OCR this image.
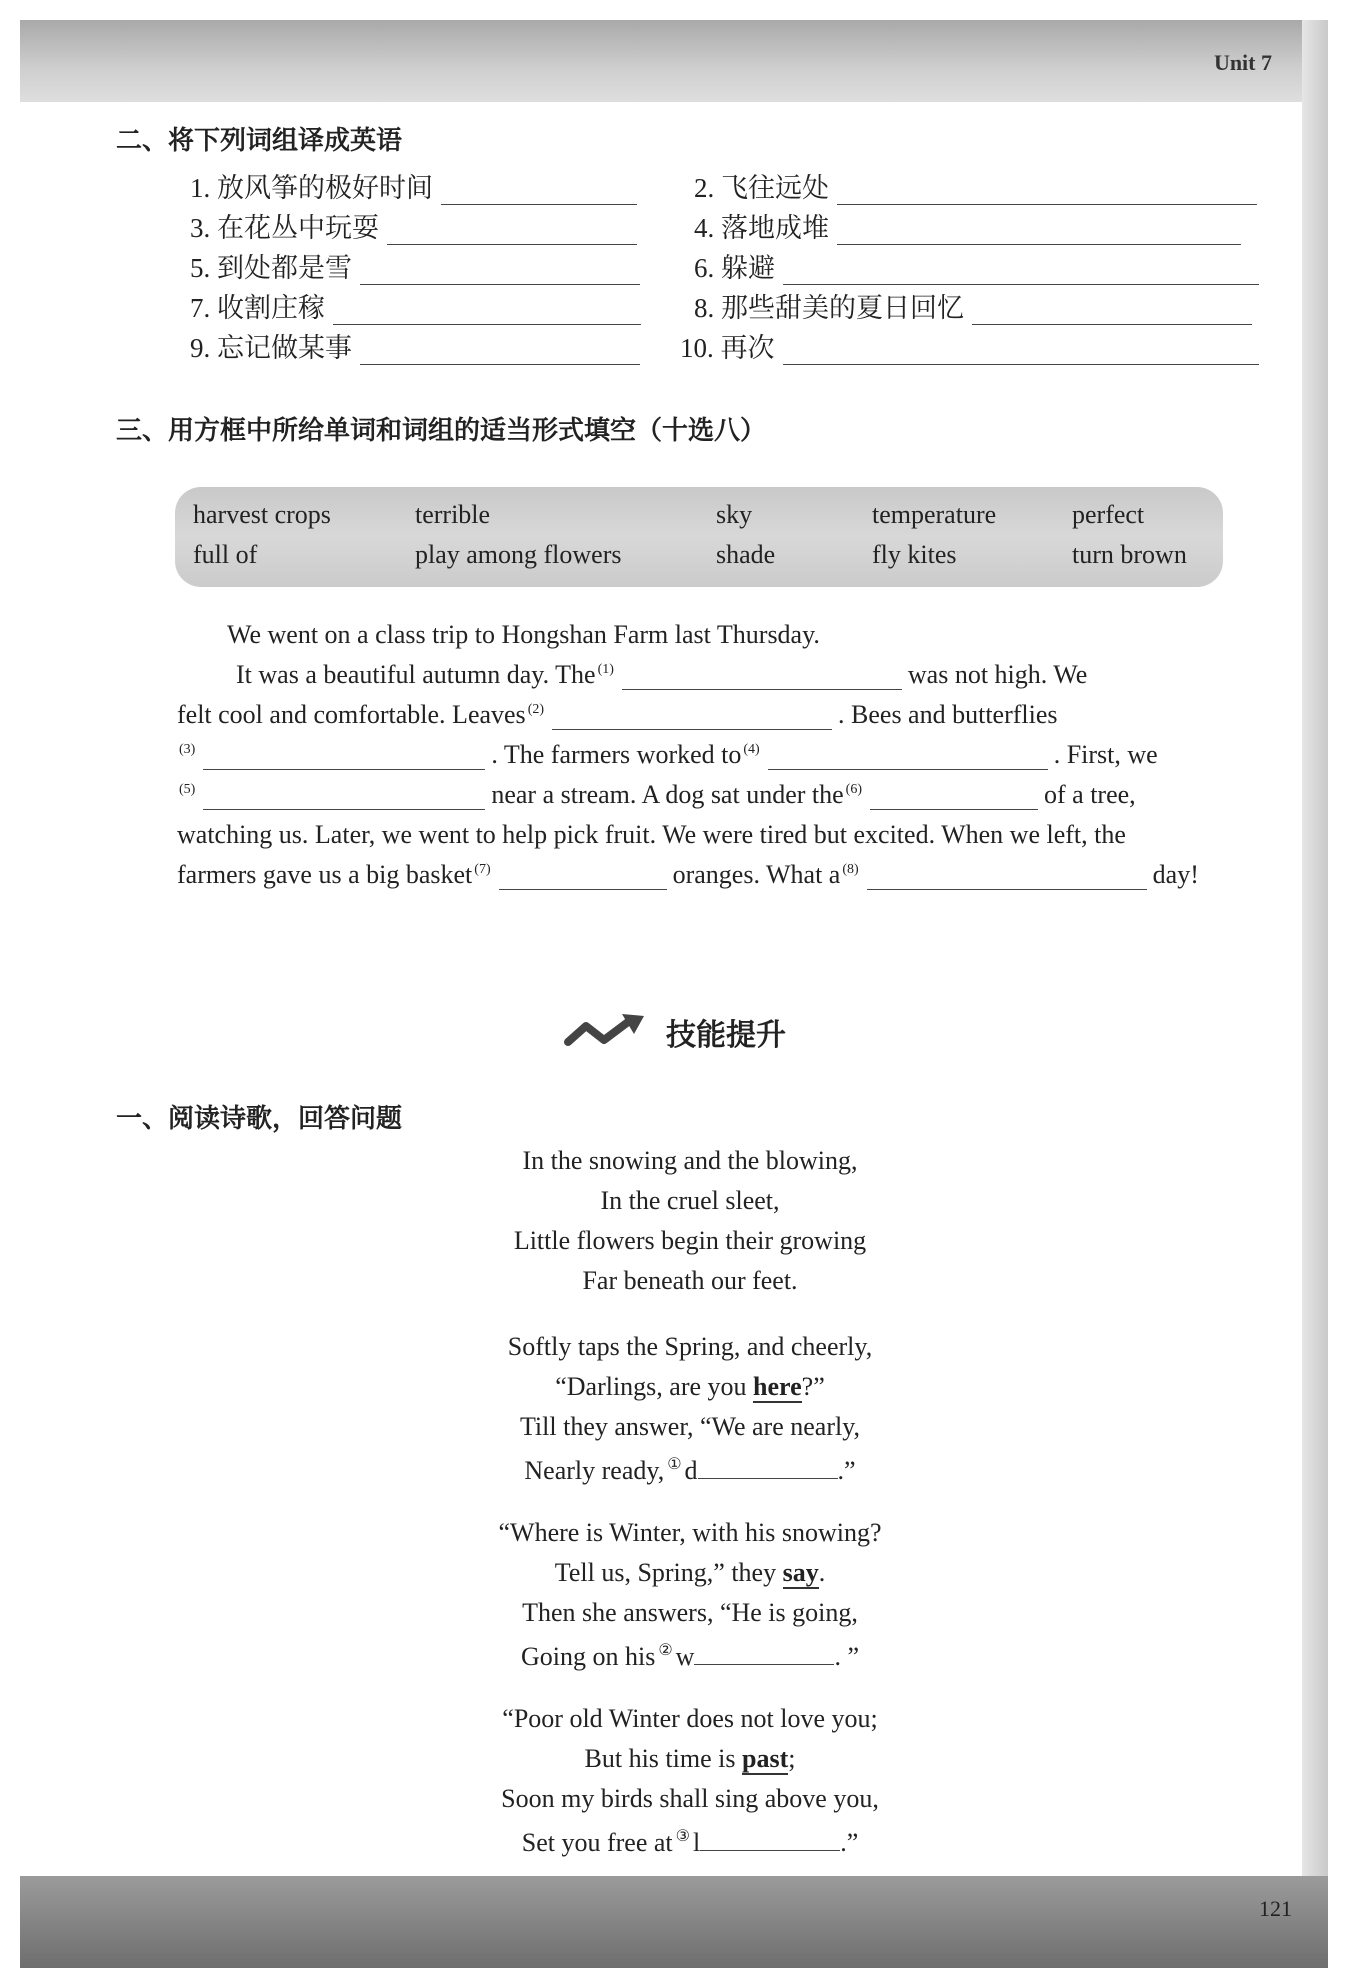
Unit 7
二、将下列词组译成英语
1. 放风筝的极好时间	2. 飞往远处
3. 在花丛中玩耍	4. 落地成堆
5. 到处都是雪	6. 躲避
7. 收割庄稼	8. 那些甜美的夏日回忆
9. 忘记做某事	10. 再次
三、用方框中所给单词和词组的适当形式填空（十选八）
harvest crops	terrible	sky	temperature	perfect
full of	play among flowers	shade	fly kites	turn brown
We went on a class trip to Hongshan Farm last Thursday.
It was a beautiful autumn day. The (1)	was not high. We
felt cool and comfortable. Leaves (2)	. Bees and butterflies
(3)	. The farmers worked to (4)	. First, we
(5)	near a stream. A dog sat under the (6)	of a tree,
watching us. Later, we went to help pick fruit. We were tired but excited. When we left, the
farmers gave us a big basket (7)	oranges. What a (8)	day!
技能提升
一、阅读诗歌，回答问题
In the snowing and the blowing,
In the cruel sleet,
Little flowers begin their growing
Far beneath our feet.
Softly taps the Spring, and cheerly,
“Darlings, are you here?”
Till they answer, “We are nearly,
Nearly ready, ① d	.”
“Where is Winter, with his snowing?
Tell us, Spring,” they say.
Then she answers, “He is going,
Going on his ② w	. ”
“Poor old Winter does not love you;
But his time is past;
Soon my birds shall sing above you,
Set you free at ③ l	.”
121
